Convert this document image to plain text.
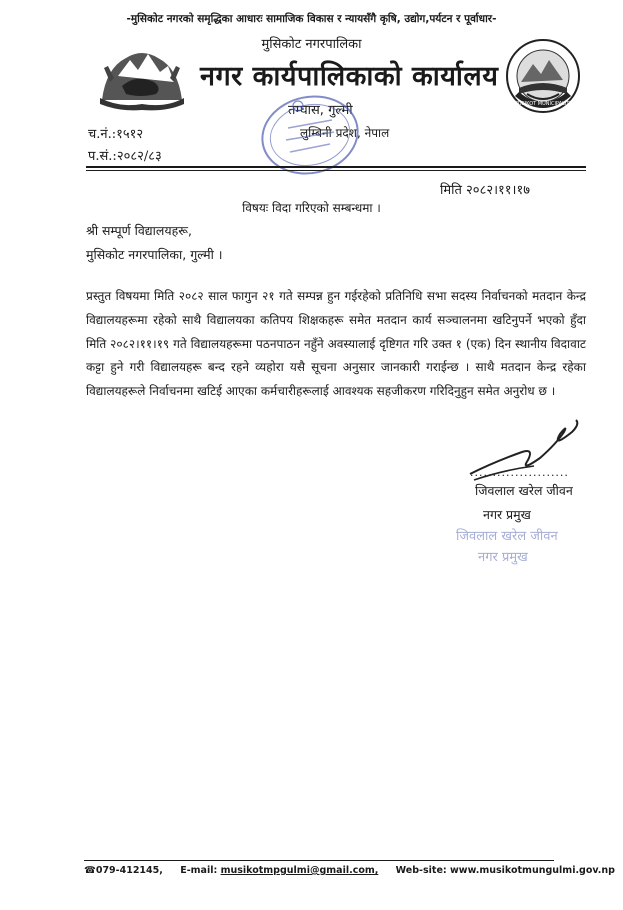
-मुसिकोट नगरको समृद्धिका आधारः सामाजिक विकास र न्यायसँगै कृषि, उद्योग,पर्यटन र पूर्वाधार-
मुसिकोट नगरपालिका
नगर कार्यपालिकाको कार्यालय
MUSIKOT MUNICIPALITY
तम्घास, गुल्मी
लुम्बिनी प्रदेश, नेपाल
च.नं.:१५१२
प.सं.:२०८२/८३
मिति २०८२।११।१७
विषयः विदा गरिएको सम्बन्धमा ।
श्री सम्पूर्ण विद्यालयहरू,
मुसिकोट नगरपालिका, गुल्मी ।
प्रस्तुत विषयमा मिति २०८२ साल फागुन २१ गते सम्पन्न हुन गईरहेको प्रतिनिधि सभा सदस्य निर्वाचनको मतदान केन्द्र विद्यालयहरूमा रहेको साथै विद्यालयका कतिपय शिक्षकहरू समेत मतदान कार्य सञ्चालनमा खटिनुपर्ने भएको हुँदा मिति २०८२।११।१९ गते विद्यालयहरूमा पठनपाठन नहुँने अवस्यालाई दृष्टिगत गरि उक्त १ (एक) दिन स्थानीय विदावाट कट्टा हुने गरी विद्यालयहरू बन्द रहने व्यहोरा यसै सूचना अनुसार जानकारी गराईन्छ । साथै मतदान केन्द्र रहेका विद्यालयहरूले निर्वाचनमा खटिई आएका कर्मचारीहरूलाई आवश्यक सहजीकरण गरिदिनुहुन समेत अनुरोध छ ।
......................
जिवलाल खरेल जीवन
नगर प्रमुख
जिवलाल खरेल जीवन
नगर प्रमुख
☎079-412145, E-mail: musikotmpgulmi@gmail.com, Web-site: www.musikotmungulmi.gov.np
